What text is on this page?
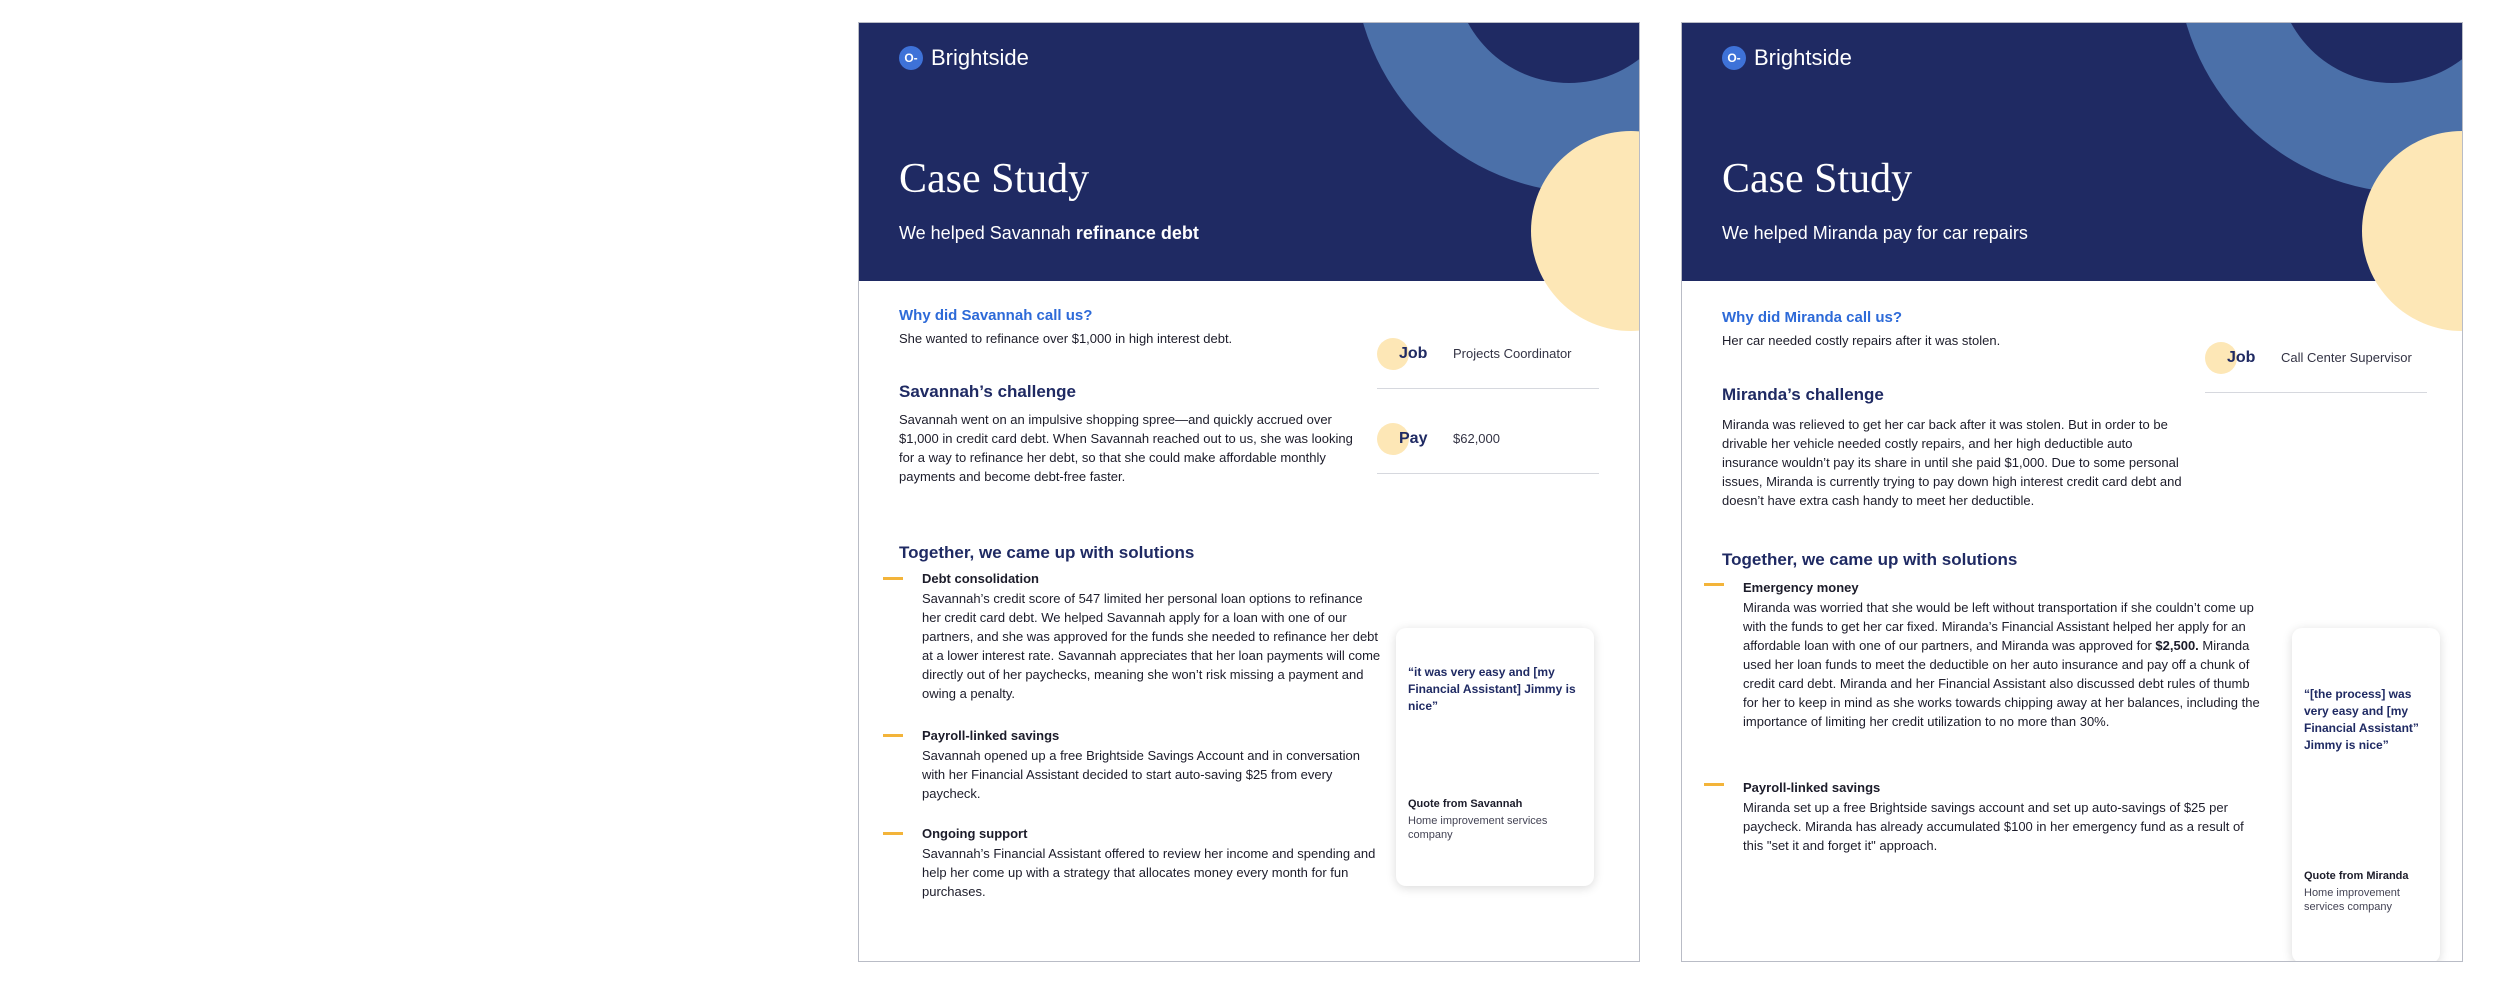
O- Brightside
Case Study

We helped Savannah refinance debt

Why did Savannah call us?

She wanted to refinance over $1,000 in high interest debt.

Savannah’s challenge

Savannah went on an impulsive shopping spree—and quickly accrued over $1,000 in credit card debt. When Savannah reached out to us, she was looking for a way to refinance her debt, so that she could make affordable monthly payments and become debt-free faster.

Job Projects Coordinator
Pay $62,000

Together, we came up with solutions

Debt consolidation

Savannah’s credit score of 547 limited her personal loan options to refinance her credit card debt. We helped Savannah apply for a loan with one of our partners, and she was approved for the funds she needed to refinance her debt at a lower interest rate. Savannah appreciates that her loan payments will come directly out of her paychecks, meaning she won’t risk missing a payment and owing a penalty.

Payroll-linked savings

Savannah opened up a free Brightside Savings Account and in conversation with her Financial Assistant decided to start auto-saving $25 from every paycheck.

Ongoing support

Savannah’s Financial Assistant offered to review her income and spending and help her come up with a strategy that allocates money every month for fun purchases.

“it was very easy and [my Financial Assistant] Jimmy is nice”

Quote from Savannah

Home improvement services company

O- Brightside
Case Study

We helped Miranda pay for car repairs

Why did Miranda call us?

Her car needed costly repairs after it was stolen.

Miranda’s challenge

Miranda was relieved to get her car back after it was stolen. But in order to be drivable her vehicle needed costly repairs, and her high deductible auto insurance wouldn’t pay its share in until she paid $1,000. Due to some personal issues, Miranda is currently trying to pay down high interest credit card debt and doesn’t have extra cash handy to meet her deductible.

Job Call Center Supervisor

Together, we came up with solutions

Emergency money

Miranda was worried that she would be left without transportation if she couldn’t come up with the funds to get her car fixed. Miranda’s Financial Assistant helped her apply for an affordable loan with one of our partners, and Miranda was approved for $2,500. Miranda used her loan funds to meet the deductible on her auto insurance and pay off a chunk of credit card debt. Miranda and her Financial Assistant also discussed debt rules of thumb for her to keep in mind as she works towards chipping away at her balances, including the importance of limiting her credit utilization to no more than 30%.

Payroll-linked savings

Miranda set up a free Brightside savings account and set up auto-savings of $25 per paycheck. Miranda has already accumulated $100 in her emergency fund as a result of this "set it and forget it" approach.

“[the process] was very easy and [my Financial Assistant” Jimmy is nice”

Quote from Miranda

Home improvement services company
